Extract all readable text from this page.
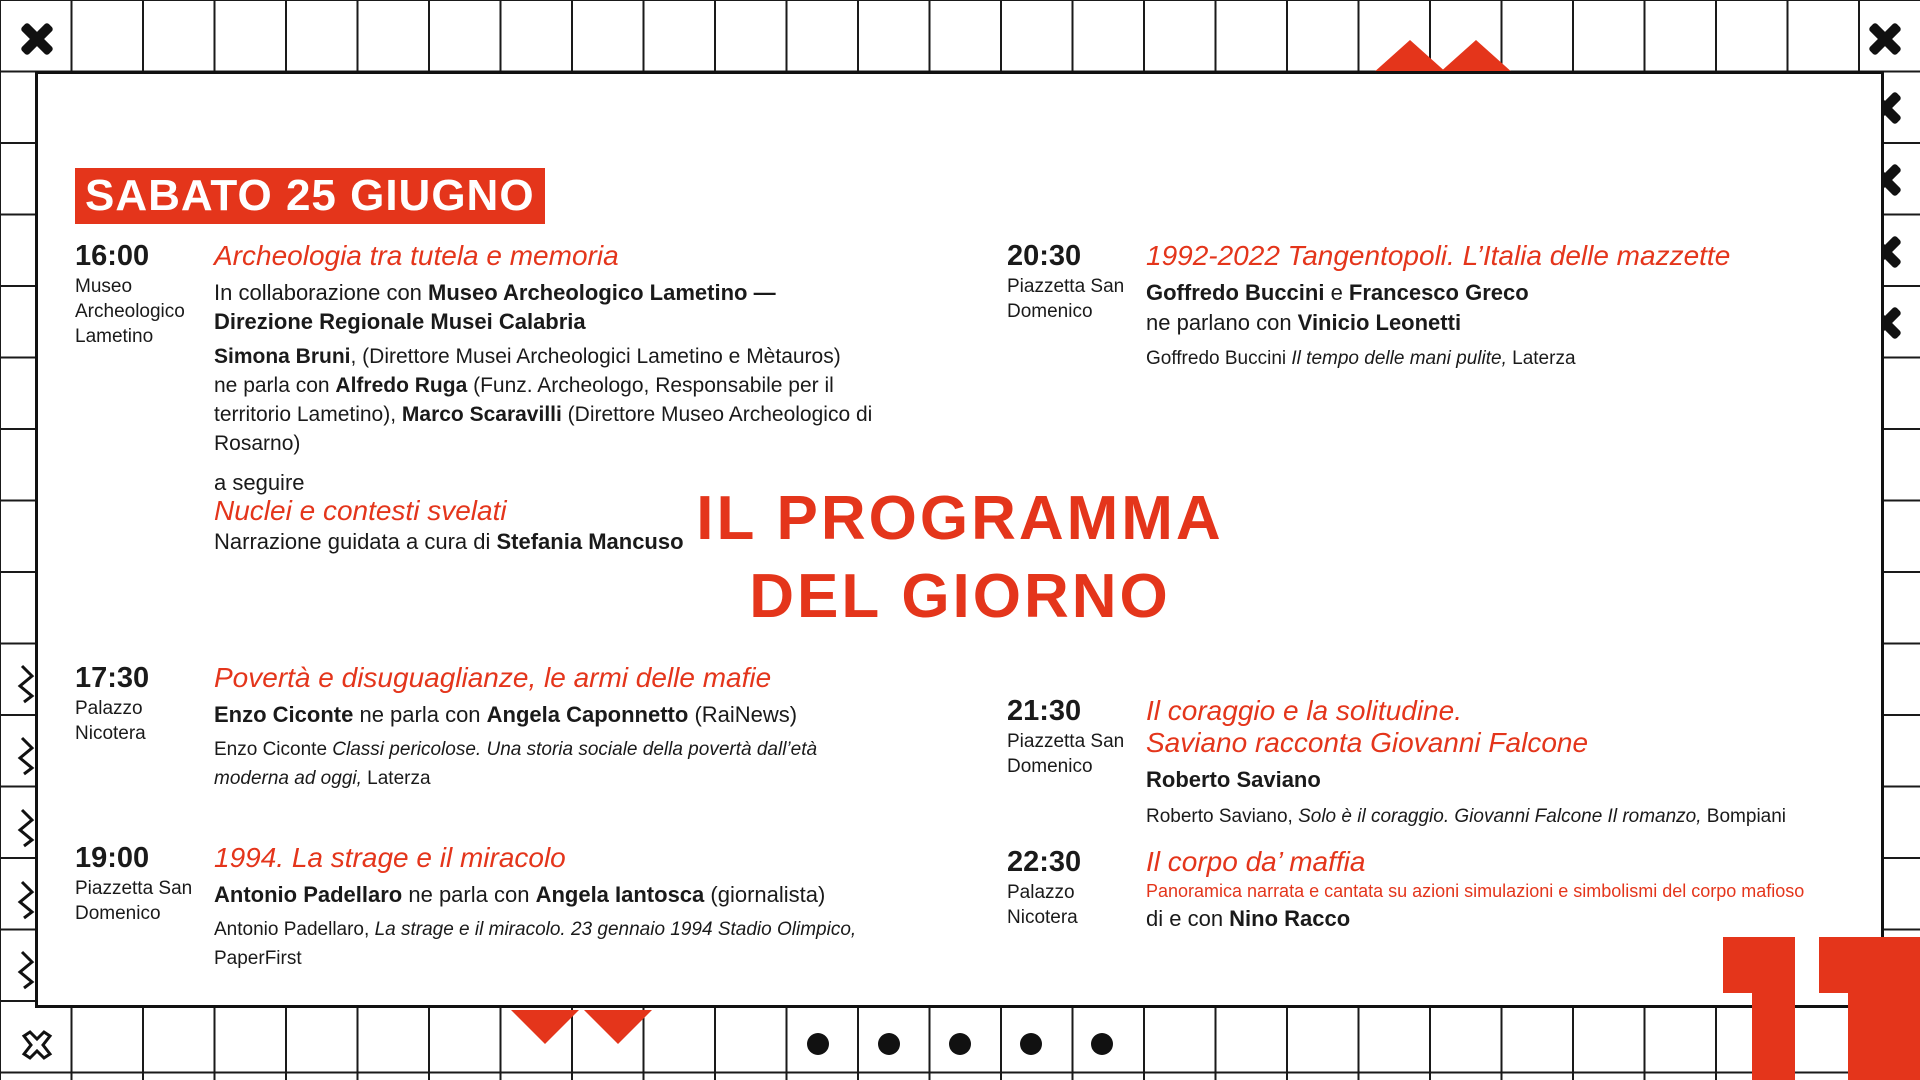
SABATO 25 GIUGNO
IL PROGRAMMA
DEL GIORNO
16:00
Museo Archeologico Lametino
Archeologia tra tutela e memoria
In collaborazione con Museo Archeologico Lametino — Direzione Regionale Musei Calabria
Simona Bruni, (Direttore Musei Archeologici Lametino e Mètauros)
ne parla con Alfredo Ruga (Funz. Archeologo, Responsabile per il territorio Lametino), Marco Scaravilli (Direttore Museo Archeologico di Rosarno)
a seguire
Nuclei e contesti svelati
Narrazione guidata a cura di Stefania Mancuso
17:30
Palazzo Nicotera
Povertà e disuguaglianze, le armi delle mafie
Enzo Ciconte ne parla con Angela Caponnetto (RaiNews)
Enzo Ciconte Classi pericolose. Una storia sociale della povertà dall’età moderna ad oggi, Laterza
19:00
Piazzetta San Domenico
1994. La strage e il miracolo
Antonio Padellaro ne parla con Angela Iantosca (giornalista)
Antonio Padellaro, La strage e il miracolo. 23 gennaio 1994 Stadio Olimpico, PaperFirst
20:30
Piazzetta San Domenico
1992-2022 Tangentopoli. L’Italia delle mazzette
Goffredo Buccini e Francesco Greco
ne parlano con Vinicio Leonetti
Goffredo Buccini Il tempo delle mani pulite, Laterza
21:30
Piazzetta San Domenico
Il coraggio e la solitudine.
Saviano racconta Giovanni Falcone
Roberto Saviano
Roberto Saviano, Solo è il coraggio. Giovanni Falcone Il romanzo, Bompiani
22:30
Palazzo Nicotera
Il corpo da’ maffia
Panoramica narrata e cantata su azioni simulazioni e simbolismi del corpo mafioso
di e con Nino Racco
